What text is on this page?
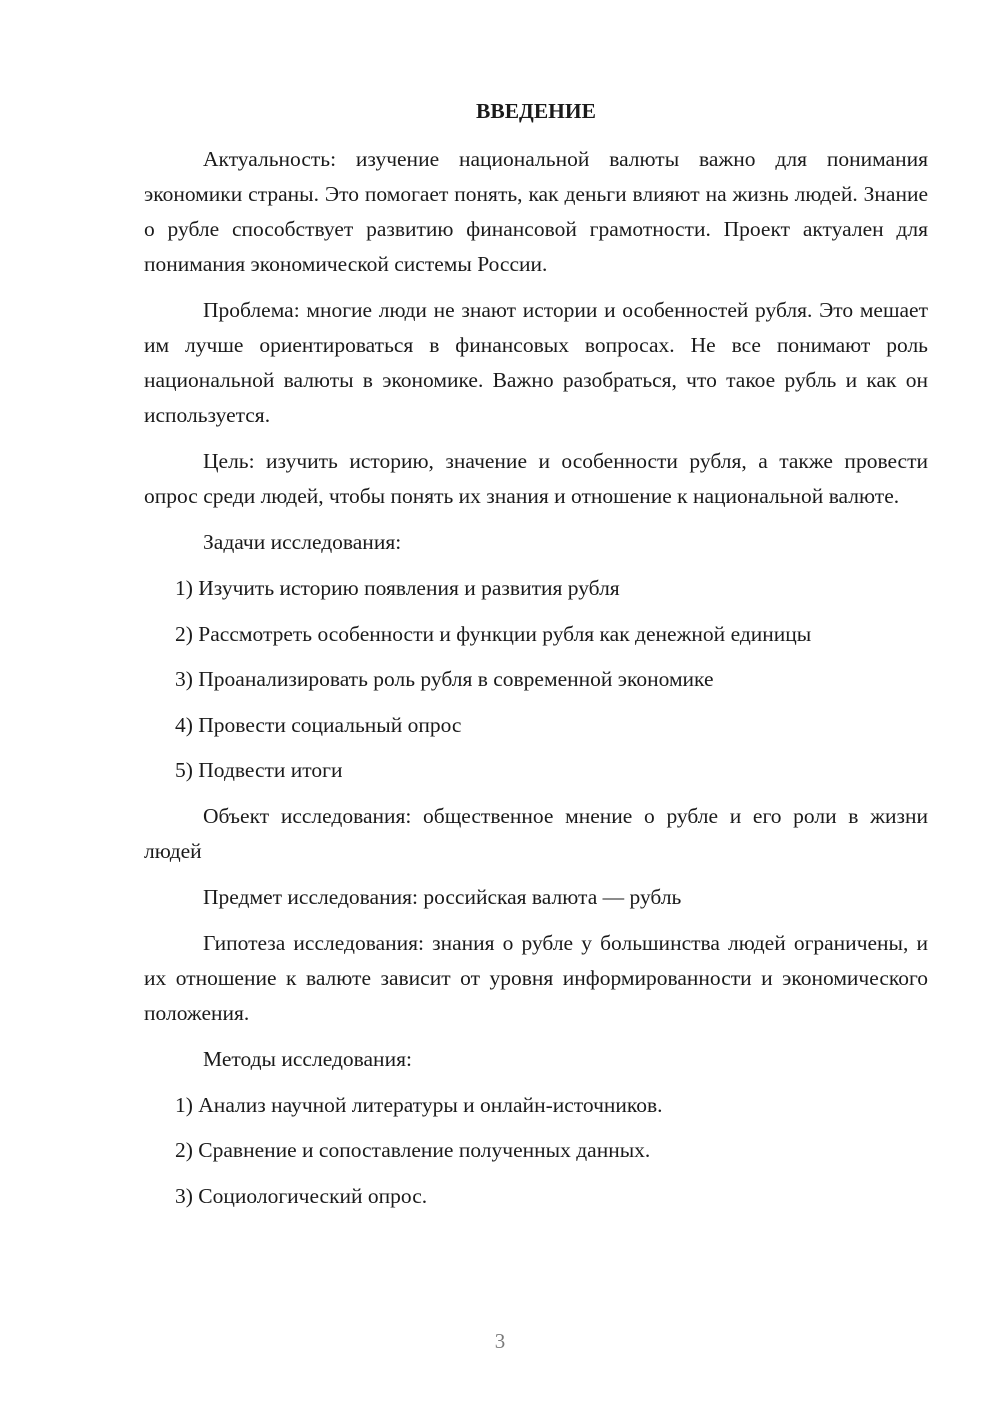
ВВЕДЕНИЕ

Актуальность: изучение национальной валюты важно для понимания экономики страны. Это помогает понять, как деньги влияют на жизнь людей. Знание о рубле способствует развитию финансовой грамотности. Проект актуален для понимания экономической системы России.

Проблема: многие люди не знают истории и особенностей рубля. Это мешает им лучше ориентироваться в финансовых вопросах. Не все понимают роль национальной валюты в экономике. Важно разобраться, что такое рубль и как он используется.

Цель: изучить историю, значение и особенности рубля, а также провести опрос среди людей, чтобы понять их знания и отношение к национальной валюте.

Задачи исследования:

1) Изучить историю появления и развития рубля
2) Рассмотреть особенности и функции рубля как денежной единицы
3) Проанализировать роль рубля в современной экономике
4) Провести социальный опрос
5) Подвести итоги

Объект исследования: общественное мнение о рубле и его роли в жизни людей

Предмет исследования: российская валюта — рубль

Гипотеза исследования: знания о рубле у большинства людей ограничены, и их отношение к валюте зависит от уровня информированности и экономического положения.

Методы исследования:

1) Анализ научной литературы и онлайн-источников.
2) Сравнение и сопоставление полученных данных.
3) Социологический опрос.
3
